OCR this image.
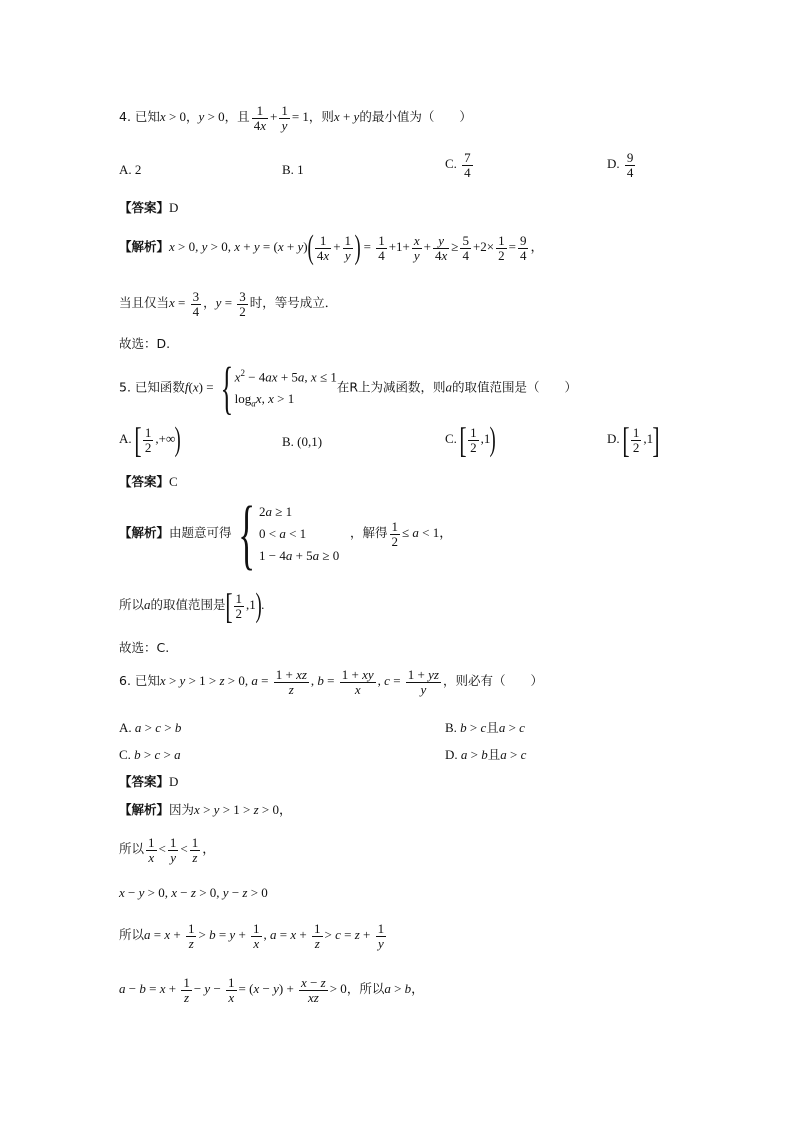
4. 已知x > 0，y > 0，且 $\frac{1}{4x} + \frac{1}{y} = 1$，则x + y的最小值为（　　）
A. 2	B. 1	C. $\frac{7}{4}$	D. $\frac{9}{4}$
【答案】D
【解析】x > 0, y > 0, $x + y = (x + y)( \frac{1}{4x} + \frac{1}{y}$ ) = $\frac{1}{4} +1+ \frac{x}{y} + \frac{y}{4x} \ge \frac{5}{4} +2\times \frac{1}{2} = \frac{9}{4}$ ，
当且仅当$x = \frac{3}{4}$ ，$y = \frac{3}{2}$ 时，等号成立．
故选：D.
5. 已知函数f(x) = { $x^2 - 4ax + 5a$, x ≤ 1
$\log_ax$, x > 1
在R上为减函数，则a的取值范围是（　　）
A. [ $\frac{1}{2}$ ,+∞)	B. (0,1)	C. [ $\frac{1}{2} ,1$)	D. [ $\frac{1}{2} ,1$]
【答案】C
【解析】由题意可得{ 2a ≥ 1
0 < a < 1
1 − 4a + 5a ≥ 0
，解得 $\frac{1}{2} \le a < 1$，
所以a的取值范围是[ $\frac{1}{2} ,1$).
故选：C.
6. 已知x > y > 1 > z > 0, $a = \frac{1 + xz}{z}$ , $b = \frac{1 + xy}{x}$ , $c = \frac{1 + yz}{y}$ ，则必有（　　）
A. a > c > b	B. b > c且a > c
C. b > c > a	D. a > b且a > c
【答案】D
【解析】因为x > y > 1 > z > 0，
所以 $\frac{1}{x} < \frac{1}{y} < \frac{1}{z}$ ，
x − y > 0, x − z > 0, y − z > 0
所以$a = x + \frac{1}{z} > b = y + \frac{1}{x}$ , $a = x + \frac{1}{z} > c = z + \frac{1}{y}$
$a - b = x + \frac{1}{z} - y - \frac{1}{x} = (x - y) + \frac{x - z}{xz} > 0$，所以a > b，
